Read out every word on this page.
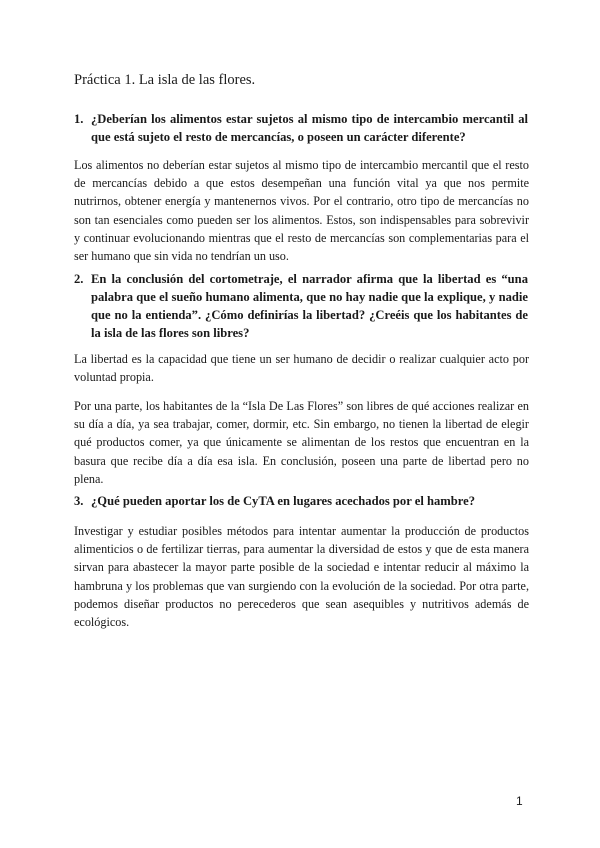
Práctica 1. La isla de las flores.
1. ¿Deberían los alimentos estar sujetos al mismo tipo de intercambio mercantil al que está sujeto el resto de mercancías, o poseen un carácter diferente?

Los alimentos no deberían estar sujetos al mismo tipo de intercambio mercantil que el resto de mercancías debido a que estos desempeñan una función vital ya que nos permite nutrirnos, obtener energía y mantenernos vivos. Por el contrario, otro tipo de mercancías no son tan esenciales como pueden ser los alimentos. Estos, son indispensables para sobrevivir y continuar evolucionando mientras que el resto de mercancías son complementarias para el ser humano que sin vida no tendrían un uso.

2. En la conclusión del cortometraje, el narrador afirma que la libertad es “una palabra que el sueño humano alimenta, que no hay nadie que la explique, y nadie que no la entienda”. ¿Cómo definirías la libertad? ¿Creéis que los habitantes de la isla de las flores son libres?

La libertad es la capacidad que tiene un ser humano de decidir o realizar cualquier acto por voluntad propia.

Por una parte, los habitantes de la “Isla De Las Flores” son libres de qué acciones realizar en su día a día, ya sea trabajar, comer, dormir, etc. Sin embargo, no tienen la libertad de elegir qué productos comer, ya que únicamente se alimentan de los restos que encuentran en la basura que recibe día a día esa isla. En conclusión, poseen una parte de libertad pero no plena.

3. ¿Qué pueden aportar los de CyTA en lugares acechados por el hambre?

Investigar y estudiar posibles métodos para intentar aumentar la producción de productos alimenticios o de fertilizar tierras, para aumentar la diversidad de estos y que de esta manera sirvan para abastecer la mayor parte posible de la sociedad e intentar reducir al máximo la hambruna y los problemas que van surgiendo con la evolución de la sociedad. Por otra parte, podemos diseñar productos no perecederos que sean asequibles y nutritivos además de ecológicos.

1
